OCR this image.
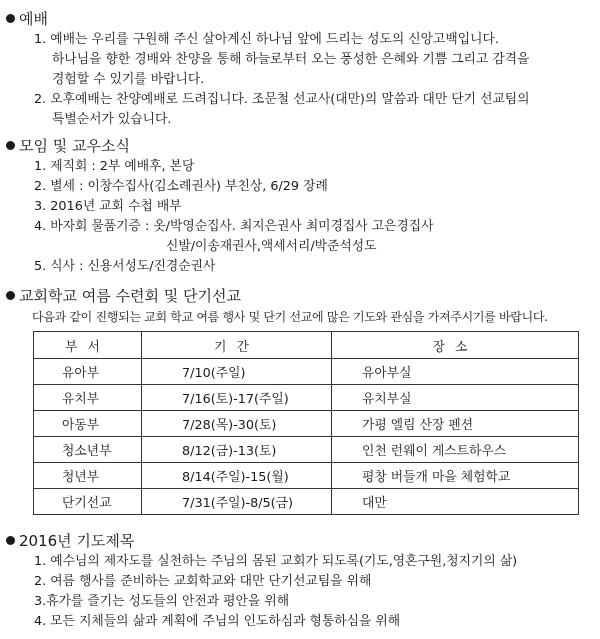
예배
1. 예배는 우리를 구원해 주신 살아계신 하나님 앞에 드리는 성도의 신앙고백입니다.
하나님을 향한 경배와 찬양을 통해 하늘로부터 오는 풍성한 은혜와 기쁨 그리고 감격을
경험할 수 있기를 바랍니다.
2. 오후예배는 찬양예배로 드려집니다. 조문철 선교사(대만)의 말씀과 대만 단기 선교팀의
특별순서가 있습니다.
모임 및 교우소식
1. 제직회 : 2부 예배후, 본당
2. 별세 : 이창수집사(김소례권사) 부친상, 6/29 장례
3. 2016년 교회 수첩 배부
4. 바자회 물품기증 : 옷/박영순집사. 최지은권사 최미경집사 고은경집사
신발/이송재권사,액세서리/박준석성도
5. 식사 : 신용서성도/진경순권사
교회학교 여름 수련회 및 단기선교
다음과 같이 진행되는 교회 학교 여름 행사 및 단기 선교에 많은 기도와 관심을 가져주시기를 바랍니다.
부서	기간	장소
유아부	7/10(주일)	유아부실
유치부	7/16(토)-17(주일)	유치부실
아동부	7/28(목)-30(토)	가평 엘림 산장 펜션
청소년부	8/12(금)-13(토)	인천 런웨이 게스트하우스
청년부	8/14(주일)-15(월)	평창 버들개 마을 체험학교
단기선교	7/31(주일)-8/5(금)	대만
2016년 기도제목
1. 예수님의 제자도를 실천하는 주님의 몸된 교회가 되도록(기도,영혼구원,청지기의 삶)
2. 여름 행사를 준비하는 교회학교와 대만 단기선교팀을 위해
3.휴가를 즐기는 성도들의 안전과 평안을 위해
4. 모든 지체들의 삶과 계획에 주님의 인도하심과 형통하심을 위해
